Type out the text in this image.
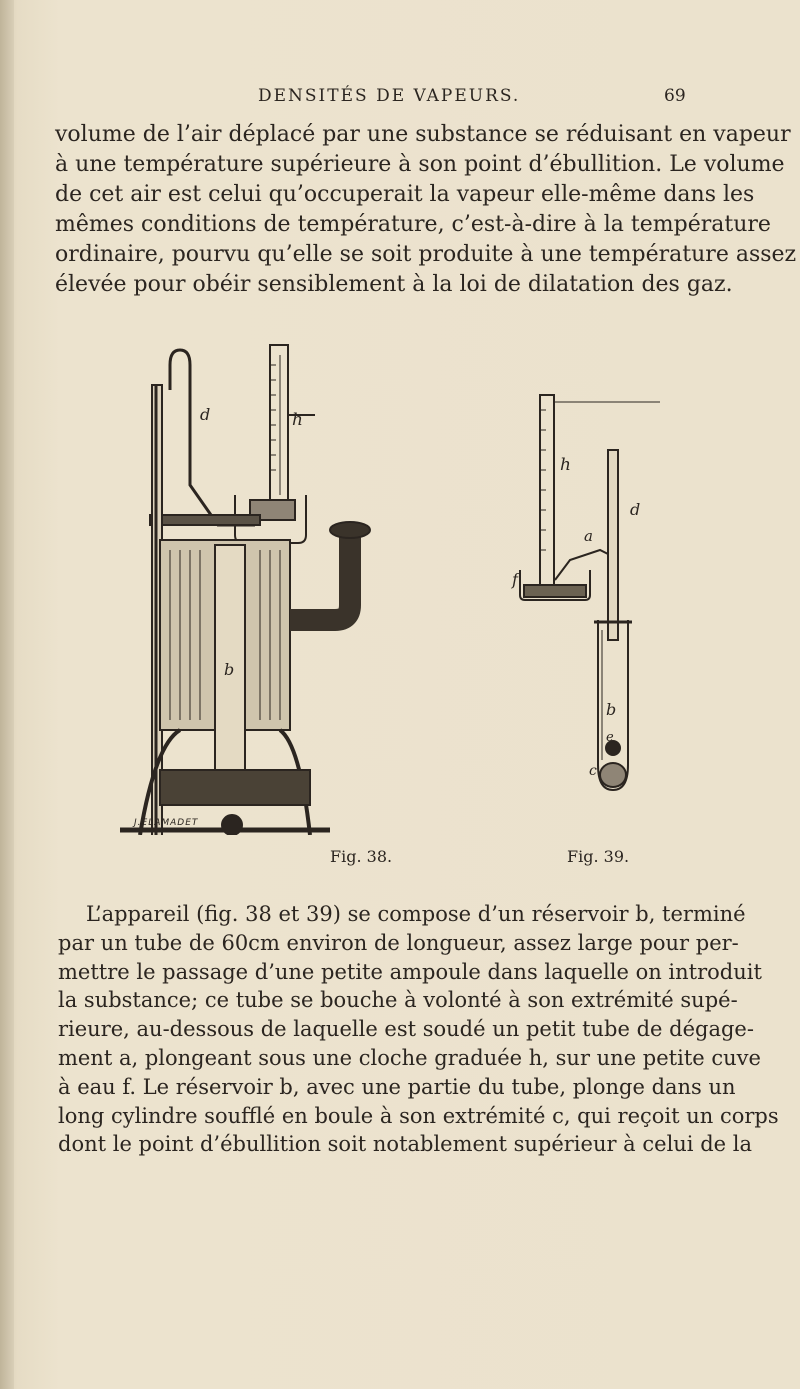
DENSITÉS DE VAPEURS.	69

volume de l’air déplacé par une substance se réduisant en vapeur

à une température supérieure à son point d’ébullition. Le volume

de cet air est celui qu’occuperait la vapeur elle-même dans les

mêmes conditions de température, c’est-à-dire à la température

ordinaire, pourvu qu’elle se soit produite à une température assez

élevée pour obéir sensiblement à la loi de dilatation des gaz.

h
d
b
J.ELAMADET
Fig. 38.
h
d
a
f
b
e
c
Fig. 39.

L’appareil (fig. 38 et 39) se compose d’un réservoir b, terminé

par un tube de 60cm environ de longueur, assez large pour per-

mettre le passage d’une petite ampoule dans laquelle on introduit

la substance; ce tube se bouche à volonté à son extrémité supé-

rieure, au-dessous de laquelle est soudé un petit tube de dégage-

ment a, plongeant sous une cloche graduée h, sur une petite cuve

à eau f. Le réservoir b, avec une partie du tube, plonge dans un

long cylindre soufflé en boule à son extrémité c, qui reçoit un corps

dont le point d’ébullition soit notablement supérieur à celui de la
